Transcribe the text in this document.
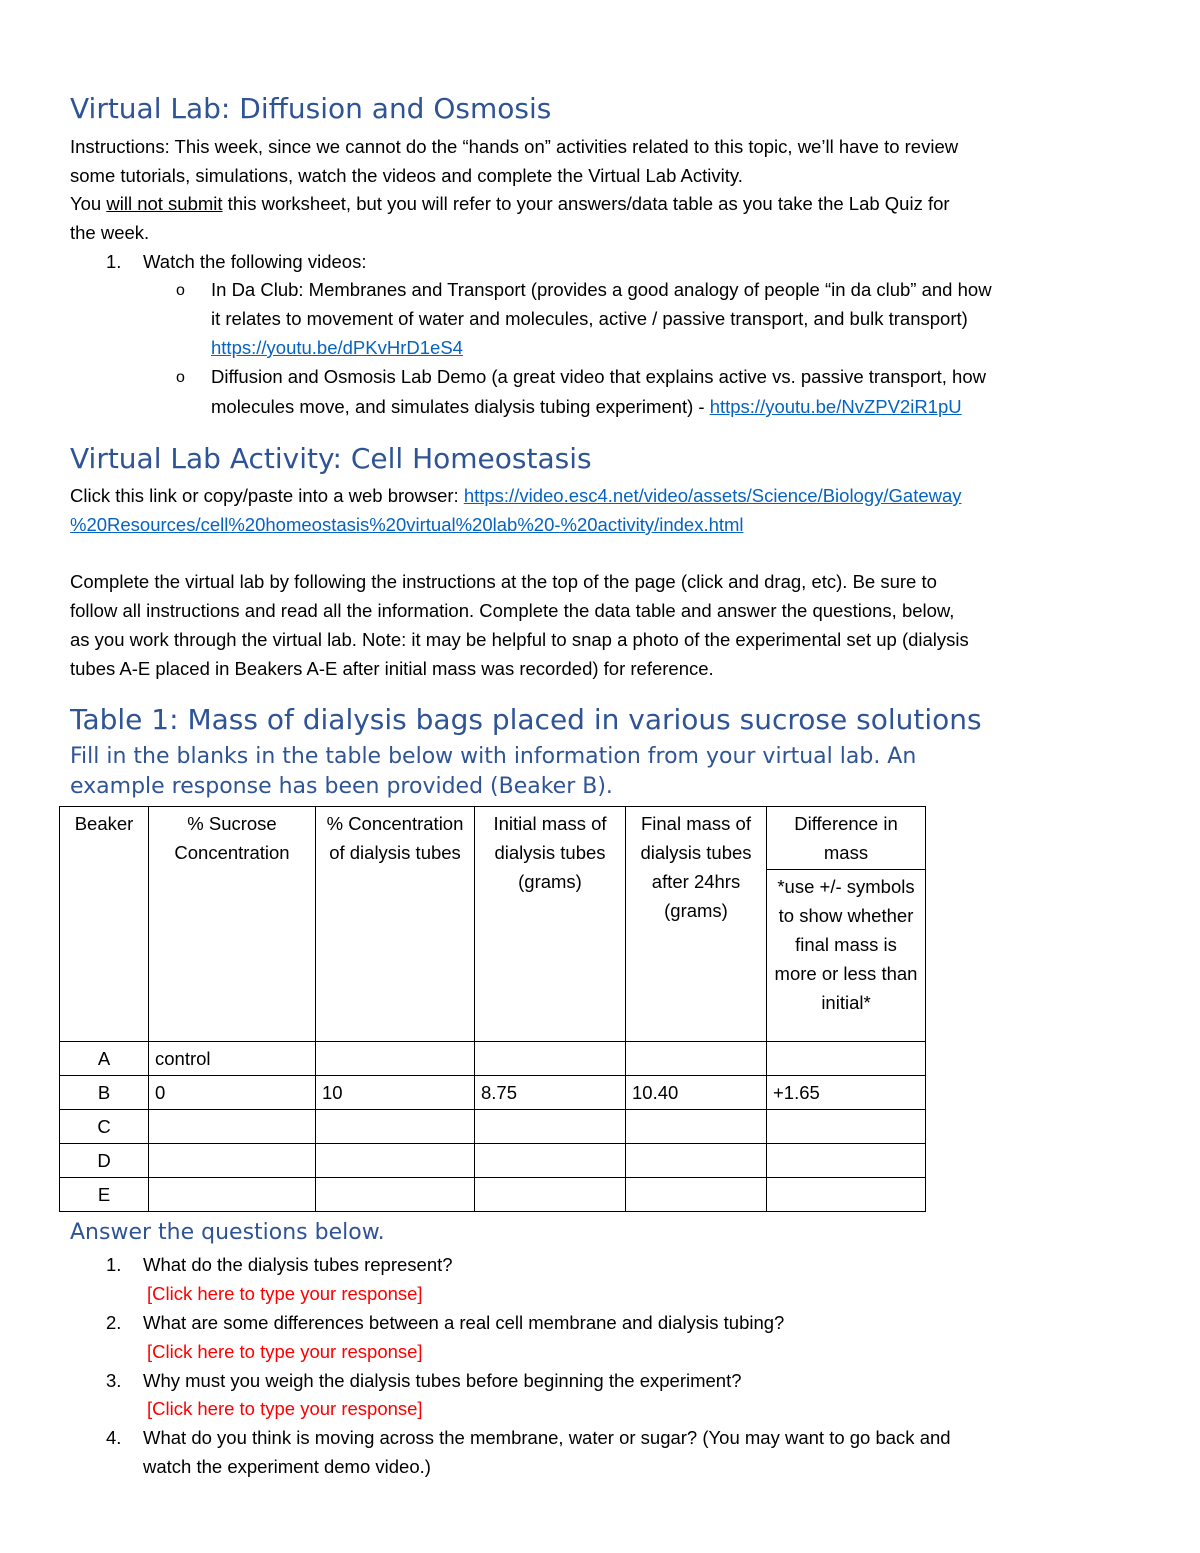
Virtual Lab: Diffusion and Osmosis
Instructions: This week, since we cannot do the “hands on” activities related to this topic, we’ll have to review
some tutorials, simulations, watch the videos and complete the Virtual Lab Activity.
You will not submit this worksheet, but you will refer to your answers/data table as you take the Lab Quiz for
the week.
1. Watch the following videos:
o In Da Club: Membranes and Transport (provides a good analogy of people “in da club” and how
it relates to movement of water and molecules, active / passive transport, and bulk transport)
https://youtu.be/dPKvHrD1eS4
o Diffusion and Osmosis Lab Demo (a great video that explains active vs. passive transport, how
molecules move, and simulates dialysis tubing experiment) - https://youtu.be/NvZPV2iR1pU
Virtual Lab Activity: Cell Homeostasis
Click this link or copy/paste into a web browser: https://video.esc4.net/video/assets/Science/Biology/Gateway
%20Resources/cell%20homeostasis%20virtual%20lab%20-%20activity/index.html
Complete the virtual lab by following the instructions at the top of the page (click and drag, etc). Be sure to
follow all instructions and read all the information. Complete the data table and answer the questions, below,
as you work through the virtual lab. Note: it may be helpful to snap a photo of the experimental set up (dialysis
tubes A-E placed in Beakers A-E after initial mass was recorded) for reference.
Table 1: Mass of dialysis bags placed in various sucrose solutions
Fill in the blanks in the table below with information from your virtual lab. An
example response has been provided (Beaker B).
Beaker	% Sucrose Concentration	% Concentration of dialysis tubes	Initial mass of dialysis tubes (grams)	Final mass of dialysis tubes after 24hrs (grams)	Difference in mass
					*use +/- symbols to show whether final mass is more or less than initial*
A	control				
B	0	10	8.75	10.40	+1.65
C					
D					
E					
Answer the questions below.
1. What do the dialysis tubes represent?
[Click here to type your response]
2. What are some differences between a real cell membrane and dialysis tubing?
[Click here to type your response]
3. Why must you weigh the dialysis tubes before beginning the experiment?
[Click here to type your response]
4. What do you think is moving across the membrane, water or sugar? (You may want to go back and
watch the experiment demo video.)
